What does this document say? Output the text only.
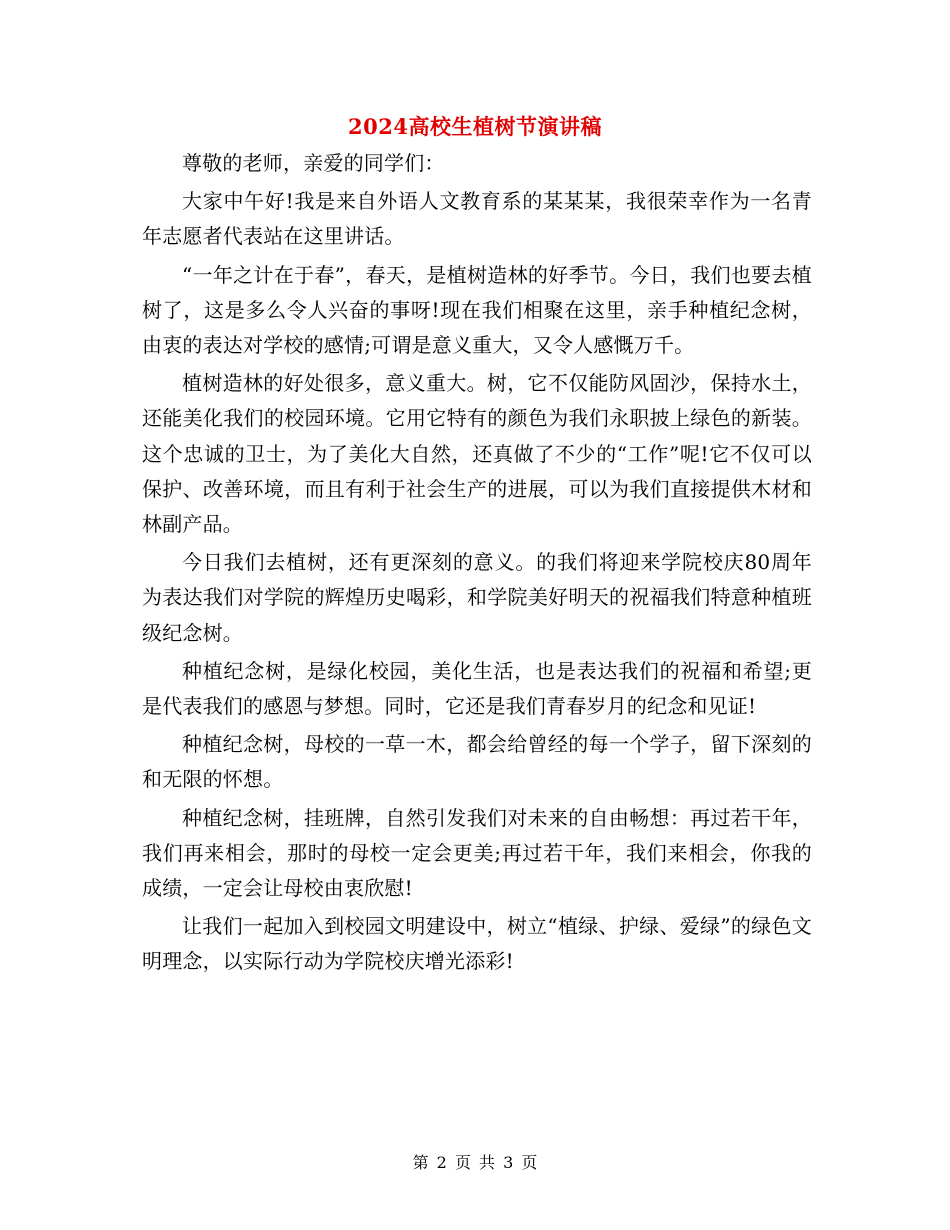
2024高校生植树节演讲稿

尊敬的老师，亲爱的同学们：

大家中午好!我是来自外语人文教育系的某某某，我很荣幸作为一名青年志愿者代表站在这里讲话。

“一年之计在于春”，春天，是植树造林的好季节。今日，我们也要去植树了，这是多么令人兴奋的事呀!现在我们相聚在这里，亲手种植纪念树，由衷的表达对学校的感情;可谓是意义重大，又令人感慨万千。

植树造林的好处很多，意义重大。树，它不仅能防风固沙，保持水土，还能美化我们的校园环境。它用它特有的颜色为我们永职披上绿色的新装。这个忠诚的卫士，为了美化大自然，还真做了不少的“工作”呢!它不仅可以保护、改善环境，而且有利于社会生产的进展，可以为我们直接提供木材和林副产品。

今日我们去植树，还有更深刻的意义。的我们将迎来学院校庆80周年为表达我们对学院的辉煌历史喝彩，和学院美好明天的祝福我们特意种植班级纪念树。

种植纪念树，是绿化校园，美化生活，也是表达我们的祝福和希望;更是代表我们的感恩与梦想。同时，它还是我们青春岁月的纪念和见证!

种植纪念树，母校的一草一木，都会给曾经的每一个学子，留下深刻的和无限的怀想。

种植纪念树，挂班牌，自然引发我们对未来的自由畅想：再过若干年，我们再来相会，那时的母校一定会更美;再过若干年，我们来相会，你我的成绩，一定会让母校由衷欣慰!

让我们一起加入到校园文明建设中，树立“植绿、护绿、爱绿”的绿色文明理念，以实际行动为学院校庆增光添彩!

第 2 页 共 3 页
